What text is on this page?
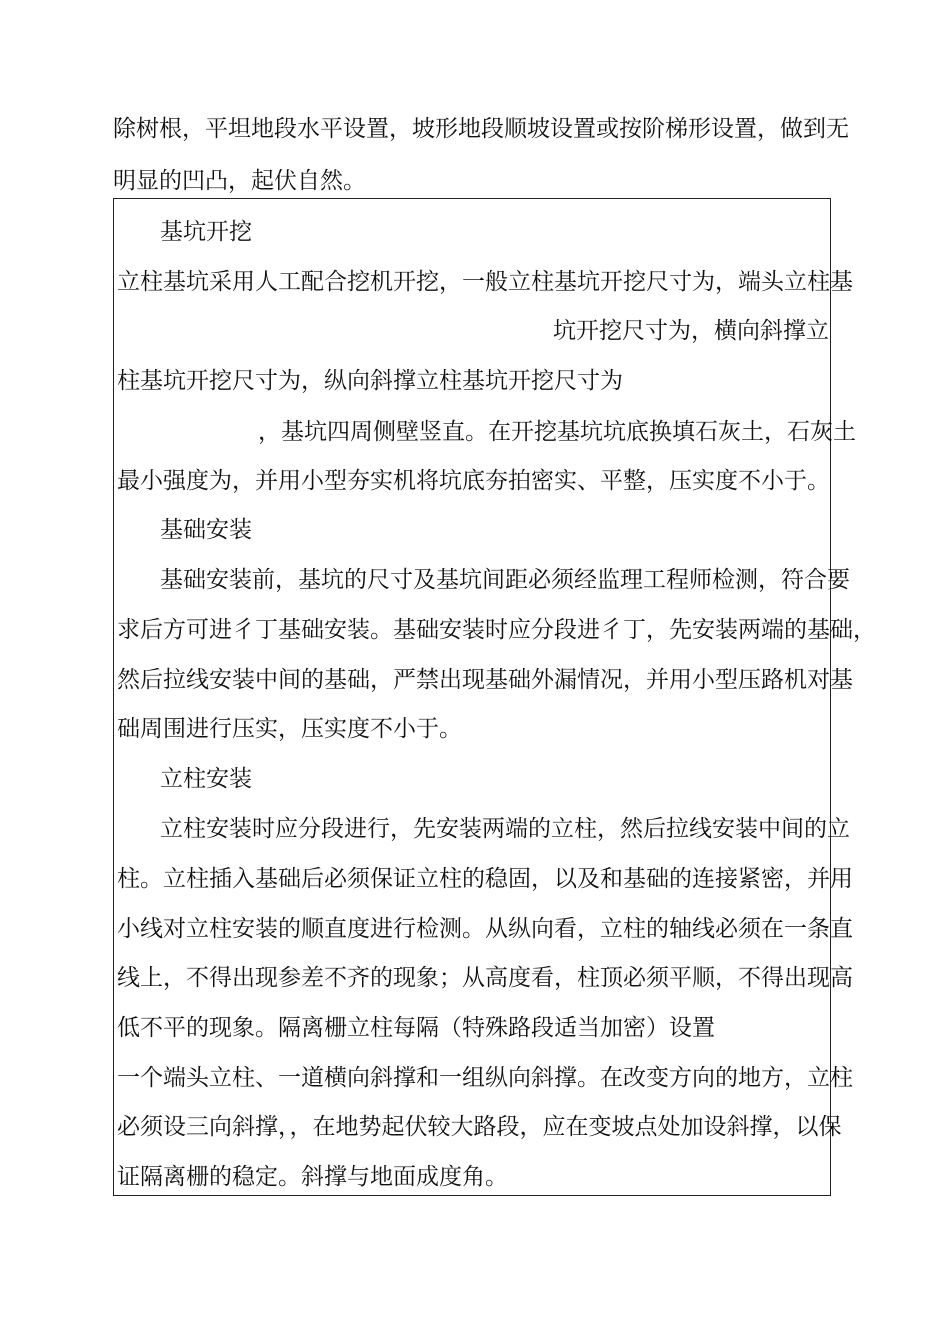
除树根，平坦地段水平设置，坡形地段顺坡设置或按阶梯形设置，做到无

明显的凹凸，起伏自然。

基坑开挖

立柱基坑采用人工配合挖机开挖，一般立柱基坑开挖尺寸为，端头立柱基

坑开挖尺寸为，横向斜撑立

柱基坑开挖尺寸为，纵向斜撑立柱基坑开挖尺寸为

，基坑四周侧壁竖直。在开挖基坑坑底换填石灰土，石灰土

最小强度为，并用小型夯实机将坑底夯拍密实、平整，压实度不小于。

基础安装

基础安装前，基坑的尺寸及基坑间距必须经监理工程师检测，符合要

求后方可进彳丁基础安装。基础安装时应分段进彳丁，先安装两端的基础，

然后拉线安装中间的基础，严禁出现基础外漏情况，并用小型压路机对基

础周围进行压实，压实度不小于。

立柱安装

立柱安装时应分段进行，先安装两端的立柱，然后拉线安装中间的立

柱。立柱插入基础后必须保证立柱的稳固，以及和基础的连接紧密，并用

小线对立柱安装的顺直度进行检测。从纵向看，立柱的轴线必须在一条直

线上，不得出现参差不齐的现象；从高度看，柱顶必须平顺，不得出现高

低不平的现象。隔离栅立柱每隔（特殊路段适当加密）设置

一个端头立柱、一道横向斜撑和一组纵向斜撑。在改变方向的地方，立柱

必须设三向斜撑，，在地势起伏较大路段，应在变坡点处加设斜撑，以保

证隔离栅的稳定。斜撑与地面成度角。
